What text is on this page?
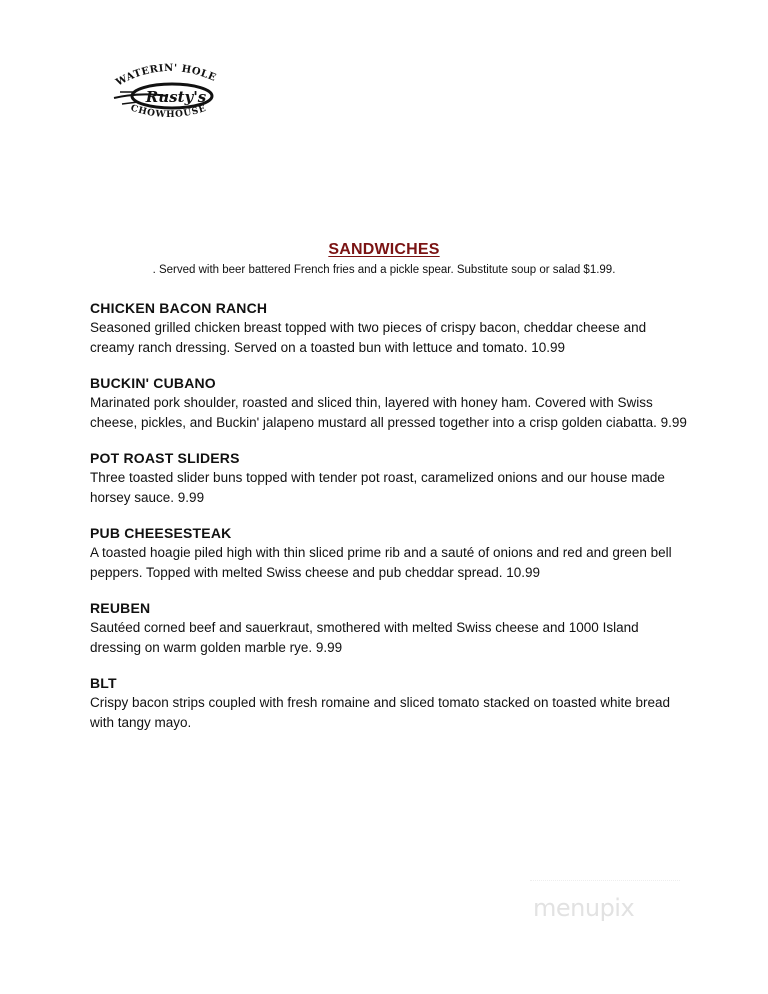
WATERIN' HOLE
Rusty's
CHOWHOUSE
SANDWICHES
. Served with beer battered French fries and a pickle spear. Substitute soup or salad $1.99.
CHICKEN BACON RANCH
Seasoned grilled chicken breast topped with two pieces of crispy bacon, cheddar cheese and creamy ranch dressing. Served on a toasted bun with lettuce and tomato. 10.99
BUCKIN' CUBANO
Marinated pork shoulder, roasted and sliced thin, layered with honey ham. Covered with Swiss cheese, pickles, and Buckin' jalapeno mustard all pressed together into a crisp golden ciabatta. 9.99
POT ROAST SLIDERS
Three toasted slider buns topped with tender pot roast, caramelized onions and our house made horsey sauce. 9.99
PUB CHEESESTEAK
A toasted hoagie piled high with thin sliced prime rib and a sauté of onions and red and green bell peppers. Topped with melted Swiss cheese and pub cheddar spread. 10.99
REUBEN
Sautéed corned beef and sauerkraut, smothered with melted Swiss cheese and 1000 Island dressing on warm golden marble rye. 9.99
BLT
Crispy bacon strips coupled with fresh romaine and sliced tomato stacked on toasted white bread with tangy mayo.
menupix
